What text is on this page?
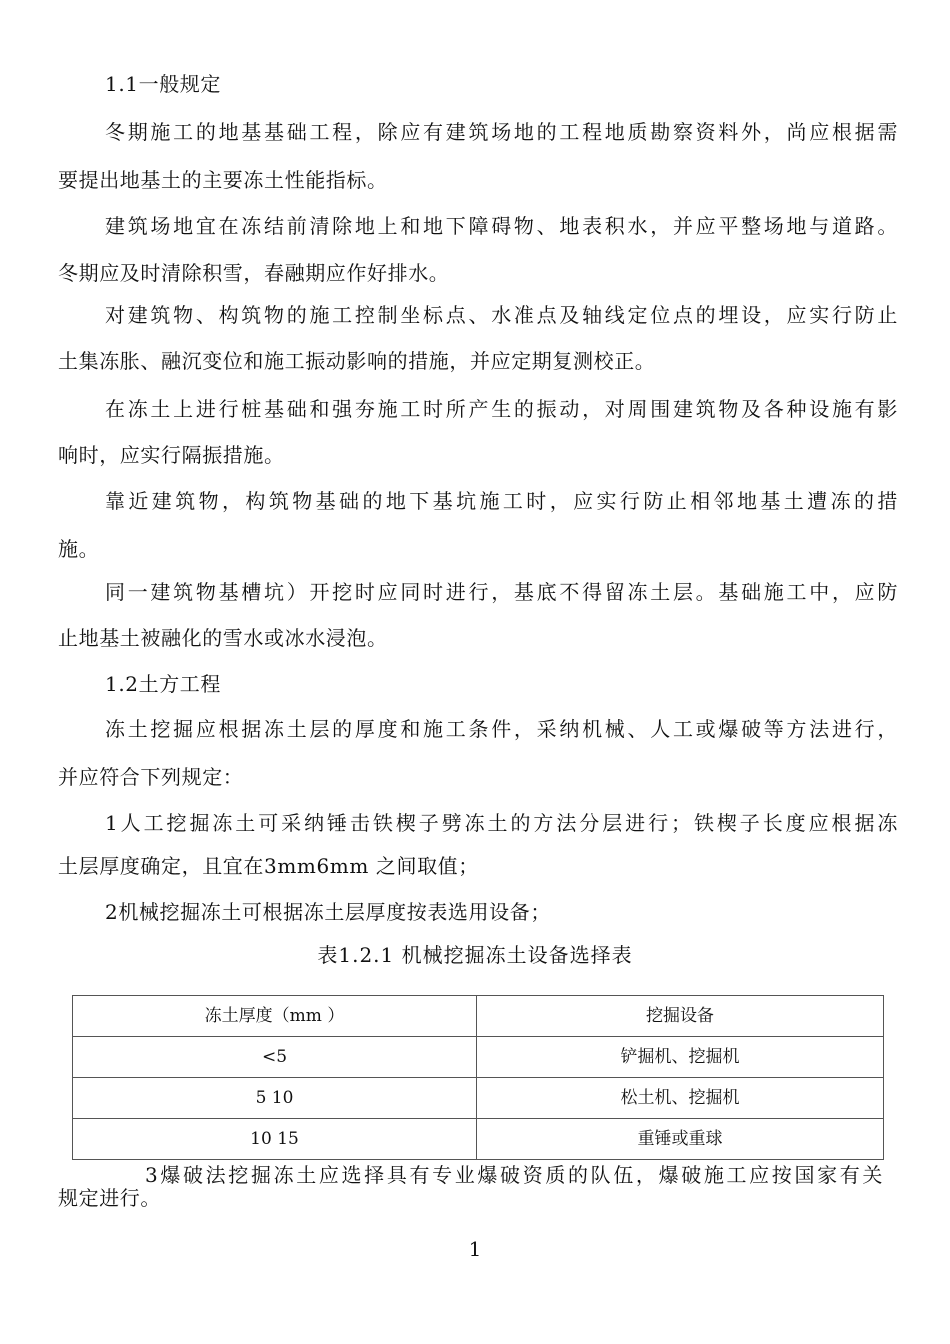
1.1一般规定
冬期施工的地基基础工程，除应有建筑场地的工程地质勘察资料外，尚应根据需
要提出地基土的主要冻土性能指标。
建筑场地宜在冻结前清除地上和地下障碍物、地表积水，并应平整场地与道路。
冬期应及时清除积雪，春融期应作好排水。
对建筑物、构筑物的施工控制坐标点、水准点及轴线定位点的埋设，应实行防止
土集冻胀、融沉变位和施工振动影响的措施，并应定期复测校正。
在冻土上进行桩基础和强夯施工时所产生的振动，对周围建筑物及各种设施有影
响时，应实行隔振措施。
靠近建筑物，构筑物基础的地下基坑施工时，应实行防止相邻地基土遭冻的措
施。
同一建筑物基槽坑）开挖时应同时进行，基底不得留冻土层。基础施工中，应防
止地基土被融化的雪水或冰水浸泡。
1.2土方工程
冻土挖掘应根据冻土层的厚度和施工条件，采纳机械、人工或爆破等方法进行，
并应符合下列规定：
1人工挖掘冻土可采纳锤击铁楔子劈冻土的方法分层进行；铁楔子长度应根据冻
土层厚度确定，且宜在3mm6mm 之间取值；
2机械挖掘冻土可根据冻土层厚度按表选用设备；
表1.2.1 机械挖掘冻土设备选择表
冻土厚度（mm ）	挖掘设备
<5	铲掘机、挖掘机
5 10	松土机、挖掘机
10 15	重锤或重球
3爆破法挖掘冻土应选择具有专业爆破资质的队伍，爆破施工应按国家有关
规定进行。
1
